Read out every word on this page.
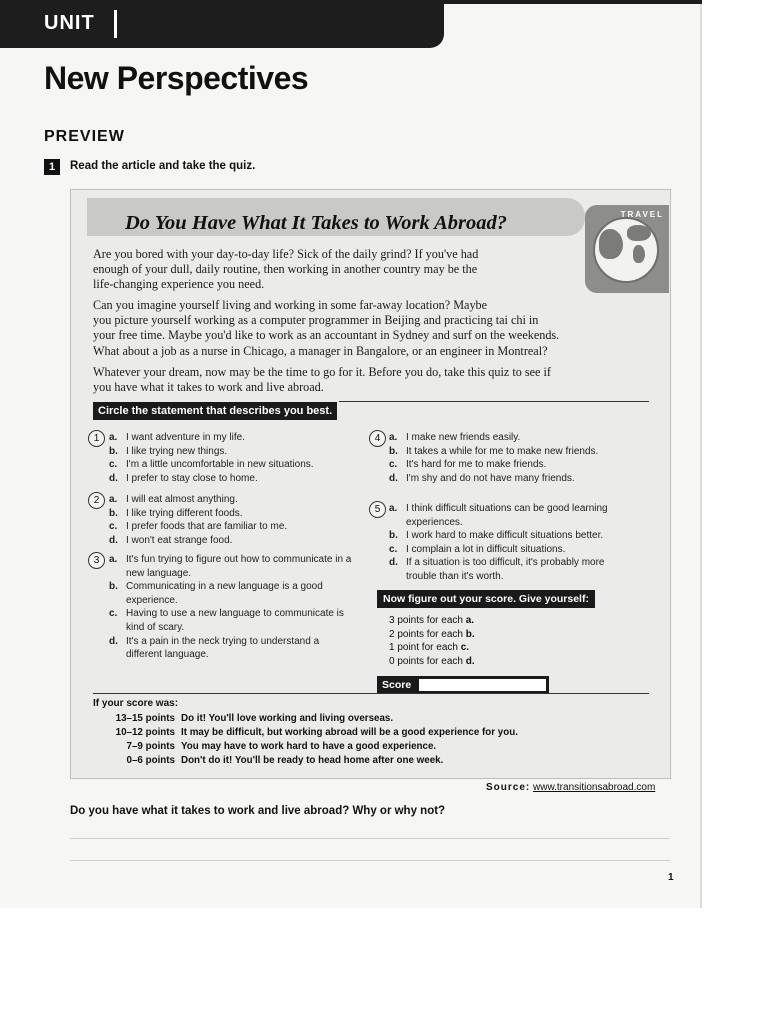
UNIT
New Perspectives
PREVIEW
1	Read the article and take the quiz.
Do You Have What It Takes to Work Abroad?	TRAVEL
Are you bored with your day-to-day life? Sick of the daily grind? If you've had
enough of your dull, daily routine, then working in another country may be the
life-changing experience you need.
Can you imagine yourself living and working in some far-away location? Maybe
you picture yourself working as a computer programmer in Beijing and practicing tai chi in
your free time. Maybe you'd like to work as an accountant in Sydney and surf on the weekends.
What about a job as a nurse in Chicago, a manager in Bangalore, or an engineer in Montreal?
Whatever your dream, now may be the time to go for it. Before you do, take this quiz to see if
you have what it takes to work and live abroad.
Circle the statement that describes you best.
1 a. I want adventure in my life.
b. I like trying new things.
c. I'm a little uncomfortable in new situations.
d. I prefer to stay close to home.
2 a. I will eat almost anything.
b. I like trying different foods.
c. I prefer foods that are familiar to me.
d. I won't eat strange food.
3 a. It's fun trying to figure out how to communicate in a new language.
b. Communicating in a new language is a good experience.
c. Having to use a new language to communicate is kind of scary.
d. It's a pain in the neck trying to understand a different language.
4 a. I make new friends easily.
b. It takes a while for me to make new friends.
c. It's hard for me to make friends.
d. I'm shy and do not have many friends.
5 a. I think difficult situations can be good learning experiences.
b. I work hard to make difficult situations better.
c. I complain a lot in difficult situations.
d. If a situation is too difficult, it's probably more trouble than it's worth.
Now figure out your score. Give yourself:
3 points for each a.
2 points for each b.
1 point for each c.
0 points for each d.
Score
If your score was:
13–15 points Do it! You'll love working and living overseas.
10–12 points It may be difficult, but working abroad will be a good experience for you.
7–9 points You may have to work hard to have a good experience.
0–6 points Don't do it! You'll be ready to head home after one week.
Source: www.transitionsabroad.com
Do you have what it takes to work and live abroad? Why or why not?
1
